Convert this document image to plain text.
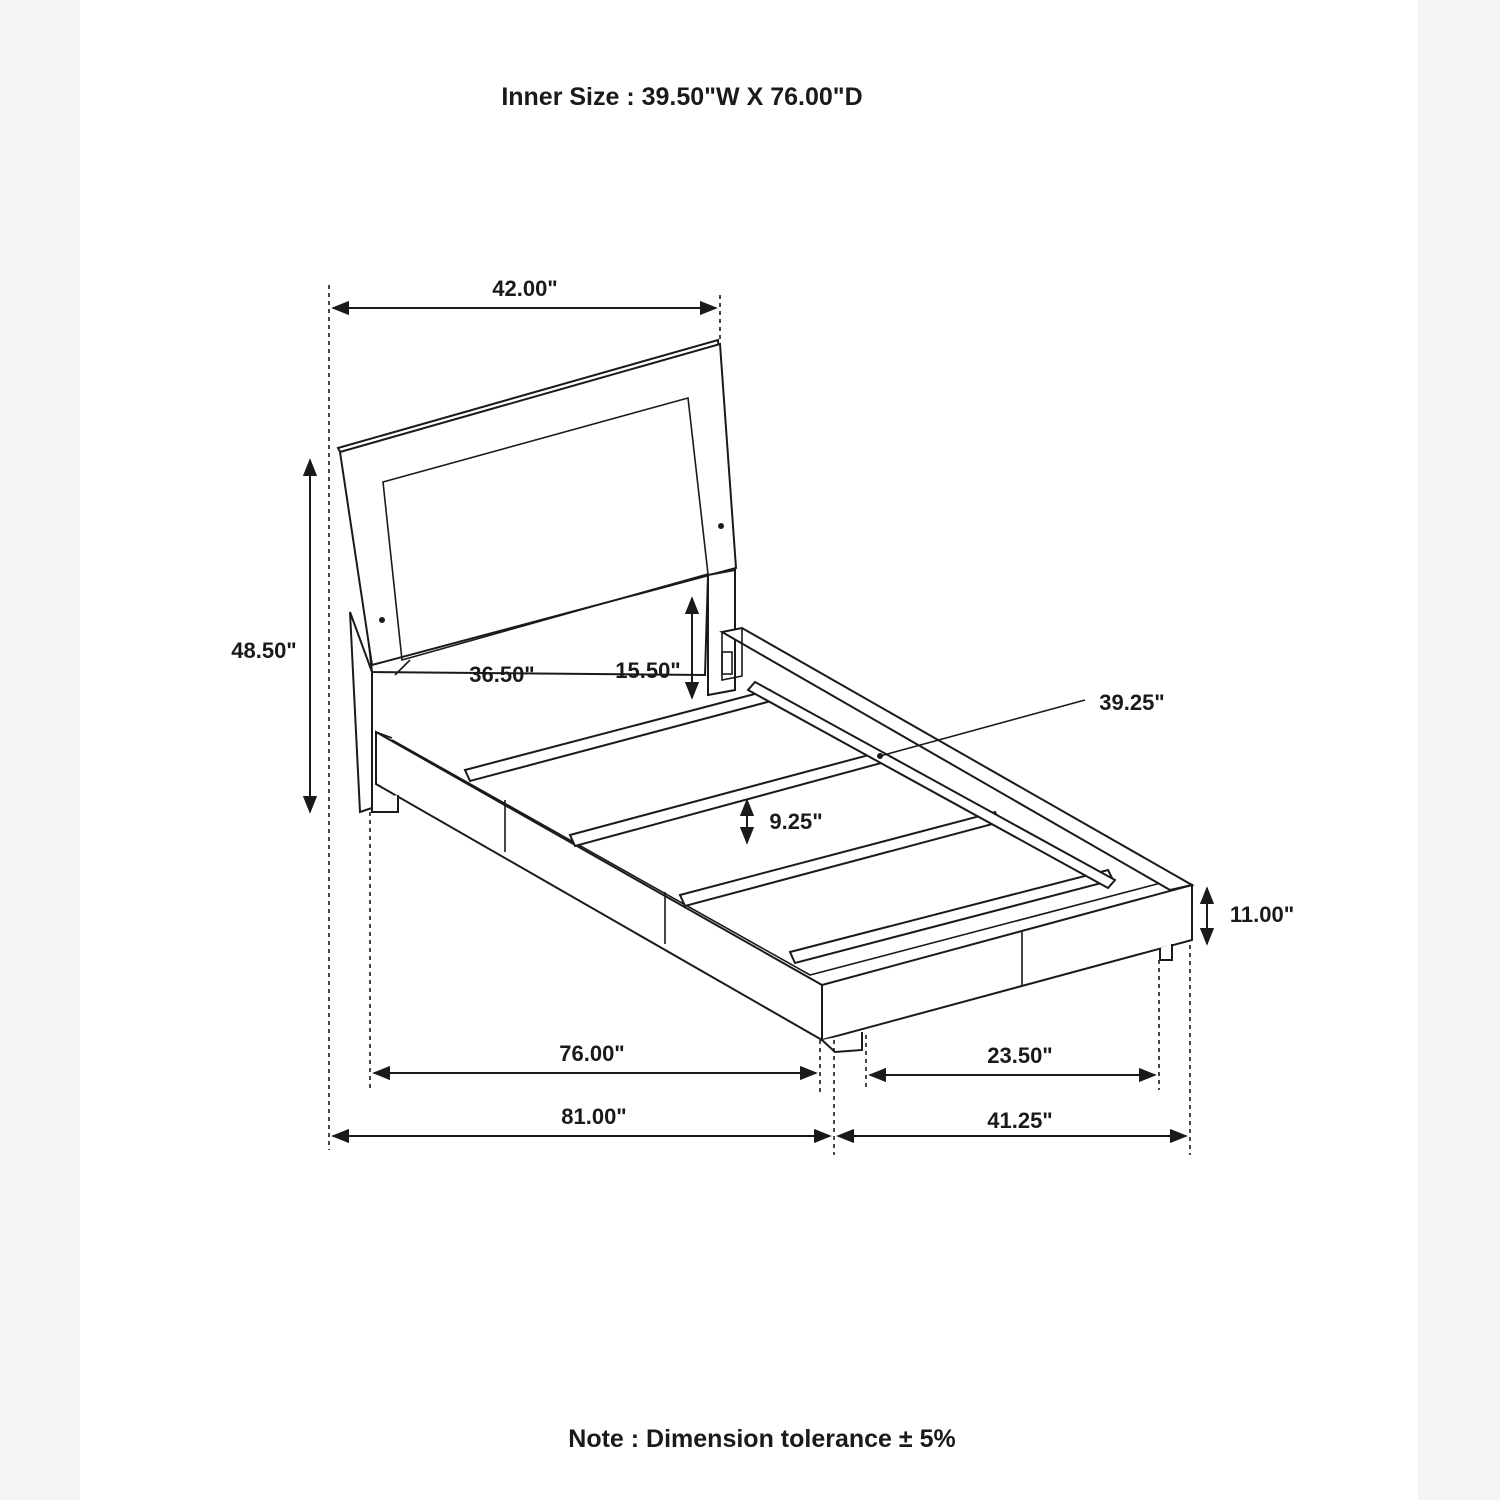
Inner Size : 39.50"W X 76.00"D
42.00"
48.50"
36.50"	15.50"
39.25"
9.25"
11.00"
76.00"	23.50"
81.00"	41.25"
Note : Dimension tolerance ± 5%
